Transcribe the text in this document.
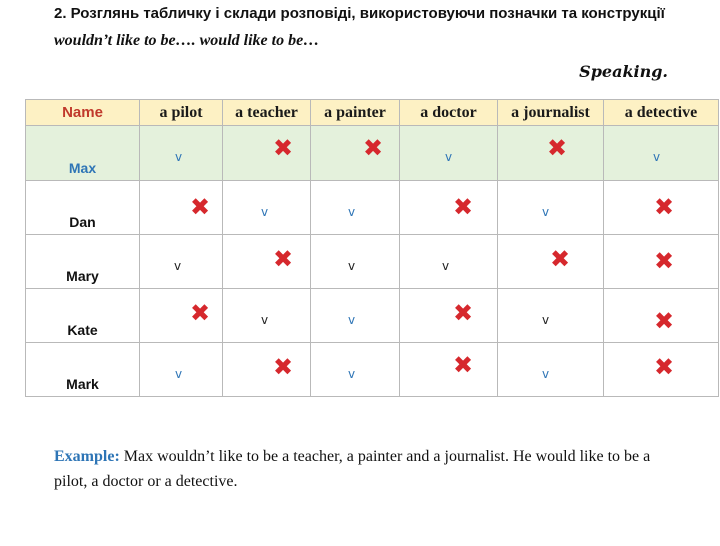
2. Розглянь табличку і склади розповіді, використовуючи позначки та конструкції wouldn’t like to be…. would like to be…

Speaking.
Name	a pilot	a teacher	a painter	a doctor	a journalist	a detective
Max	v	✖	✖	v	✖	v

Dan	✖	v	v	✖	v	✖

Mary	v	✖	v	v	✖	✖

Kate	✖	v	v	✖	v	✖

Mark	v	✖	v	✖	v	✖

Example: Max wouldn’t like to be a teacher, a painter and a journalist. He would like to be a pilot, a doctor or a detective.
